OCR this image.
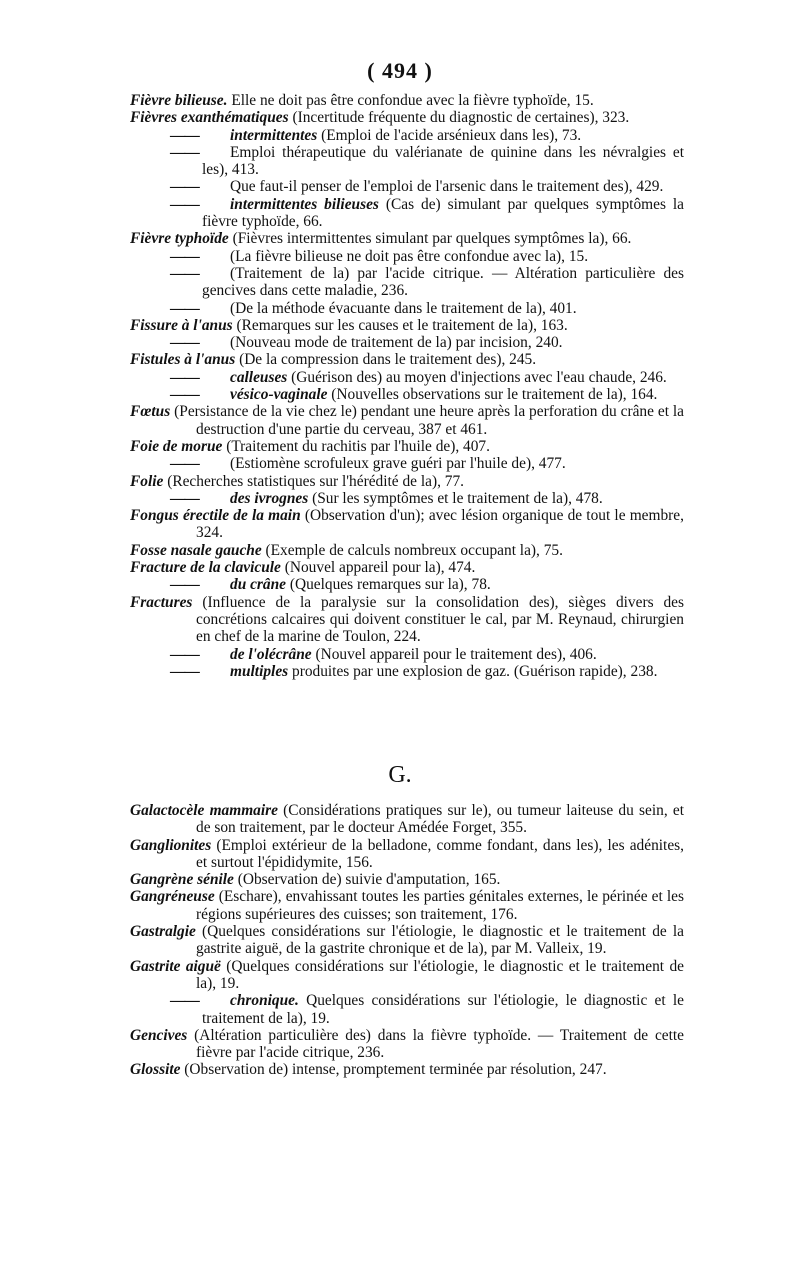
( 494 )

Fièvre bilieuse. Elle ne doit pas être confondue avec la fièvre typhoïde, 15.

Fièvres exanthématiques (Incertitude fréquente du diagnostic de certaines), 323.

—— intermittentes (Emploi de l'acide arsénieux dans les), 73.

—— Emploi thérapeutique du valérianate de quinine dans les névralgies et les), 413.

—— Que faut-il penser de l'emploi de l'arsenic dans le traitement des), 429.

—— intermittentes bilieuses (Cas de) simulant par quelques symptômes la fièvre typhoïde, 66.

Fièvre typhoïde (Fièvres intermittentes simulant par quelques symptômes la), 66.

—— (La fièvre bilieuse ne doit pas être confondue avec la), 15.

—— (Traitement de la) par l'acide citrique. — Altération particulière des gencives dans cette maladie, 236.

—— (De la méthode évacuante dans le traitement de la), 401.

Fissure à l'anus (Remarques sur les causes et le traitement de la), 163.

—— (Nouveau mode de traitement de la) par incision, 240.

Fistules à l'anus (De la compression dans le traitement des), 245.

—— calleuses (Guérison des) au moyen d'injections avec l'eau chaude, 246.

—— vésico-vaginale (Nouvelles observations sur le traitement de la), 164.

Fœtus (Persistance de la vie chez le) pendant une heure après la perforation du crâne et la destruction d'une partie du cerveau, 387 et 461.

Foie de morue (Traitement du rachitis par l'huile de), 407.

—— (Estiomène scrofuleux grave guéri par l'huile de), 477.

Folie (Recherches statistiques sur l'hérédité de la), 77.

—— des ivrognes (Sur les symptômes et le traitement de la), 478.

Fongus érectile de la main (Observation d'un); avec lésion organique de tout le membre, 324.

Fosse nasale gauche (Exemple de calculs nombreux occupant la), 75.

Fracture de la clavicule (Nouvel appareil pour la), 474.

—— du crâne (Quelques remarques sur la), 78.

Fractures (Influence de la paralysie sur la consolidation des), sièges divers des concrétions calcaires qui doivent constituer le cal, par M. Reynaud, chirurgien en chef de la marine de Toulon, 224.

—— de l'olécrâne (Nouvel appareil pour le traitement des), 406.

—— multiples produites par une explosion de gaz. (Guérison rapide), 238.

G.

Galactocèle mammaire (Considérations pratiques sur le), ou tumeur laiteuse du sein, et de son traitement, par le docteur Amédée Forget, 355.

Ganglionites (Emploi extérieur de la belladone, comme fondant, dans les), les adénites, et surtout l'épididymite, 156.

Gangrène sénile (Observation de) suivie d'amputation, 165.

Gangréneuse (Eschare), envahissant toutes les parties génitales externes, le périnée et les régions supérieures des cuisses; son traitement, 176.

Gastralgie (Quelques considérations sur l'étiologie, le diagnostic et le traitement de la gastrite aiguë, de la gastrite chronique et de la), par M. Valleix, 19.

Gastrite aiguë (Quelques considérations sur l'étiologie, le diagnostic et le traitement de la), 19.

—— chronique. Quelques considérations sur l'étiologie, le diagnostic et le traitement de la), 19.

Gencives (Altération particulière des) dans la fièvre typhoïde. — Traitement de cette fièvre par l'acide citrique, 236.

Glossite (Observation de) intense, promptement terminée par résolution, 247.
